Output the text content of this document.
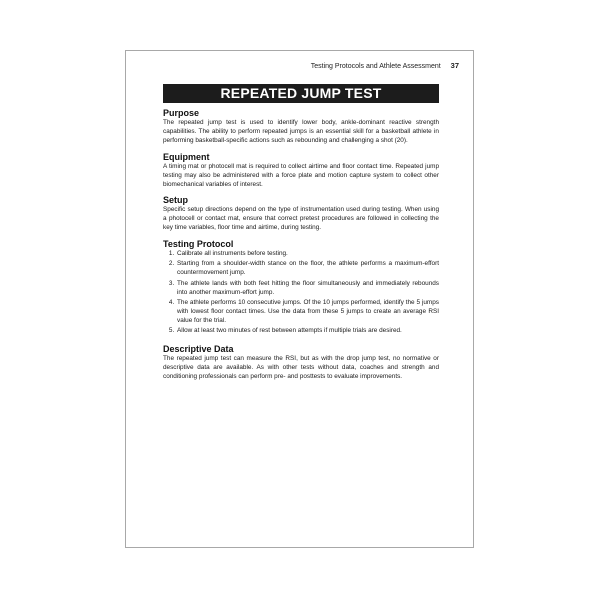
Testing Protocols and Athlete Assessment 37
REPEATED JUMP TEST
Purpose

The repeated jump test is used to identify lower body, ankle-dominant reactive strength capabilities. The ability to perform repeated jumps is an essential skill for a basketball athlete in performing basketball-specific actions such as rebounding and challenging a shot (20).

Equipment

A timing mat or photocell mat is required to collect airtime and floor contact time. Repeated jump testing may also be administered with a force plate and motion capture system to collect other biomechanical variables of interest.

Setup

Specific setup directions depend on the type of instrumentation used during testing. When using a photocell or contact mat, ensure that correct pretest procedures are followed in collecting the key time variables, floor time and airtime, during testing.

Testing Protocol
1. Calibrate all instruments before testing.
2. Starting from a shoulder-width stance on the floor, the athlete performs a maximum-effort countermovement jump.
3. The athlete lands with both feet hitting the floor simultaneously and immediately rebounds into another maximum-effort jump.
4. The athlete performs 10 consecutive jumps. Of the 10 jumps performed, identify the 5 jumps with lowest floor contact times. Use the data from these 5 jumps to create an average RSI value for the trial.
5. Allow at least two minutes of rest between attempts if multiple trials are desired.
Descriptive Data

The repeated jump test can measure the RSI, but as with the drop jump test, no normative or descriptive data are available. As with other tests without data, coaches and strength and conditioning professionals can perform pre- and posttests to evaluate improvements.
